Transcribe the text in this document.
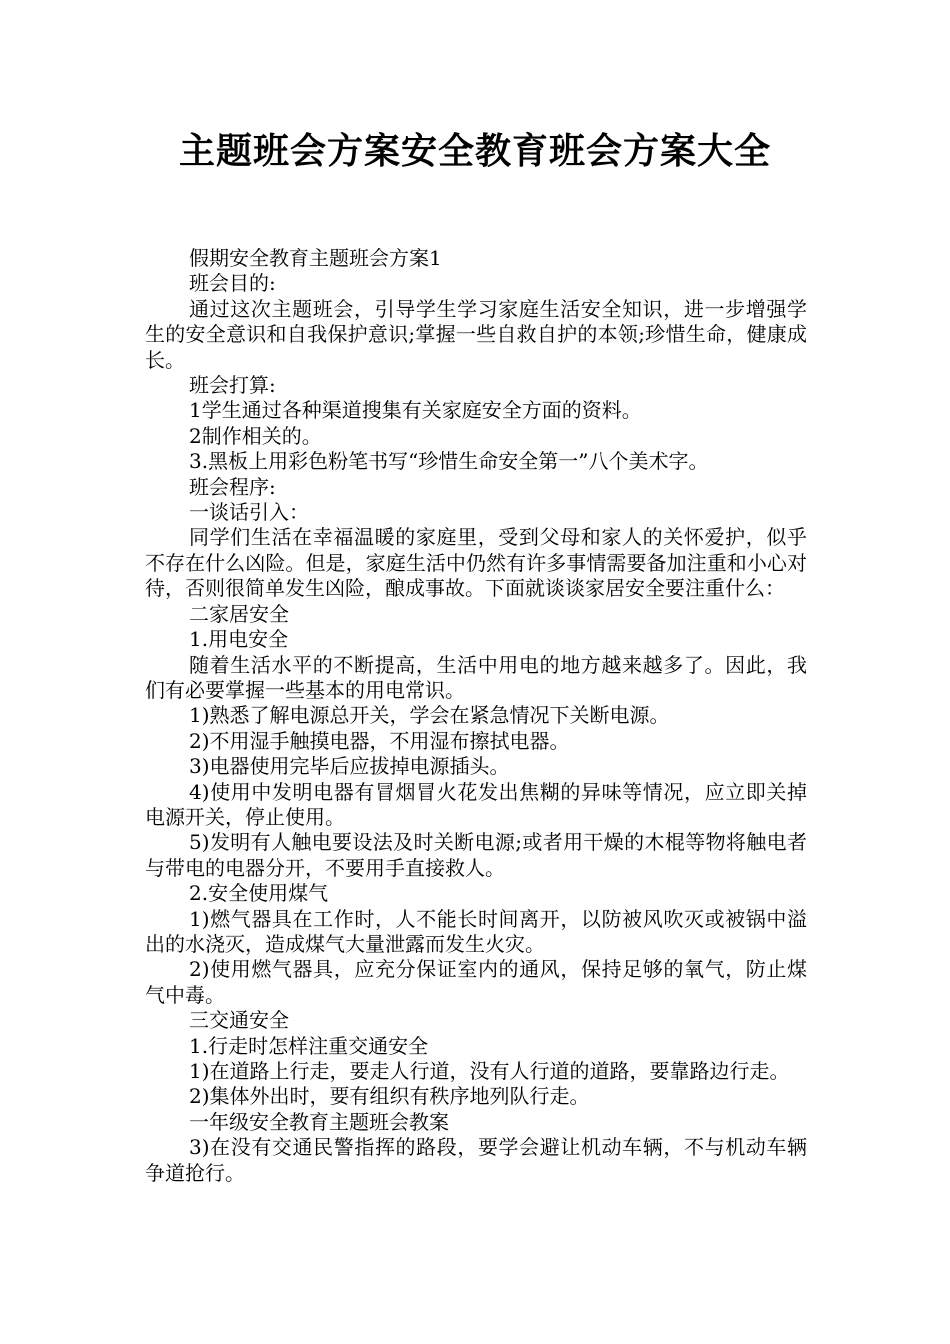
主题班会方案安全教育班会方案大全

假期安全教育主题班会方案1

班会目的:

通过这次主题班会，引导学生学习家庭生活安全知识，进一步增强学生的安全意识和自我保护意识;掌握一些自救自护的本领;珍惜生命，健康成长。

班会打算:

1学生通过各种渠道搜集有关家庭安全方面的资料。

2制作相关的。

3.黑板上用彩色粉笔书写“珍惜生命安全第一”八个美术字。

班会程序:

一谈话引入：

同学们生活在幸福温暖的家庭里，受到父母和家人的关怀爱护，似乎不存在什么凶险。但是，家庭生活中仍然有许多事情需要备加注重和小心对待，否则很简单发生凶险，酿成事故。下面就谈谈家居安全要注重什么：

二家居安全

1.用电安全

随着生活水平的不断提高，生活中用电的地方越来越多了。因此，我们有必要掌握一些基本的用电常识。

1)熟悉了解电源总开关，学会在紧急情况下关断电源。

2)不用湿手触摸电器，不用湿布擦拭电器。

3)电器使用完毕后应拔掉电源插头。

4)使用中发明电器有冒烟冒火花发出焦糊的异味等情况，应立即关掉电源开关，停止使用。

5)发明有人触电要设法及时关断电源;或者用干燥的木棍等物将触电者与带电的电器分开，不要用手直接救人。

2.安全使用煤气

1)燃气器具在工作时，人不能长时间离开，以防被风吹灭或被锅中溢出的水浇灭，造成煤气大量泄露而发生火灾。

2)使用燃气器具，应充分保证室内的通风，保持足够的氧气，防止煤气中毒。

三交通安全

1.行走时怎样注重交通安全

1)在道路上行走，要走人行道，没有人行道的道路，要靠路边行走。

2)集体外出时，要有组织有秩序地列队行走。

一年级安全教育主题班会教案

3)在没有交通民警指挥的路段，要学会避让机动车辆，不与机动车辆争道抢行。
